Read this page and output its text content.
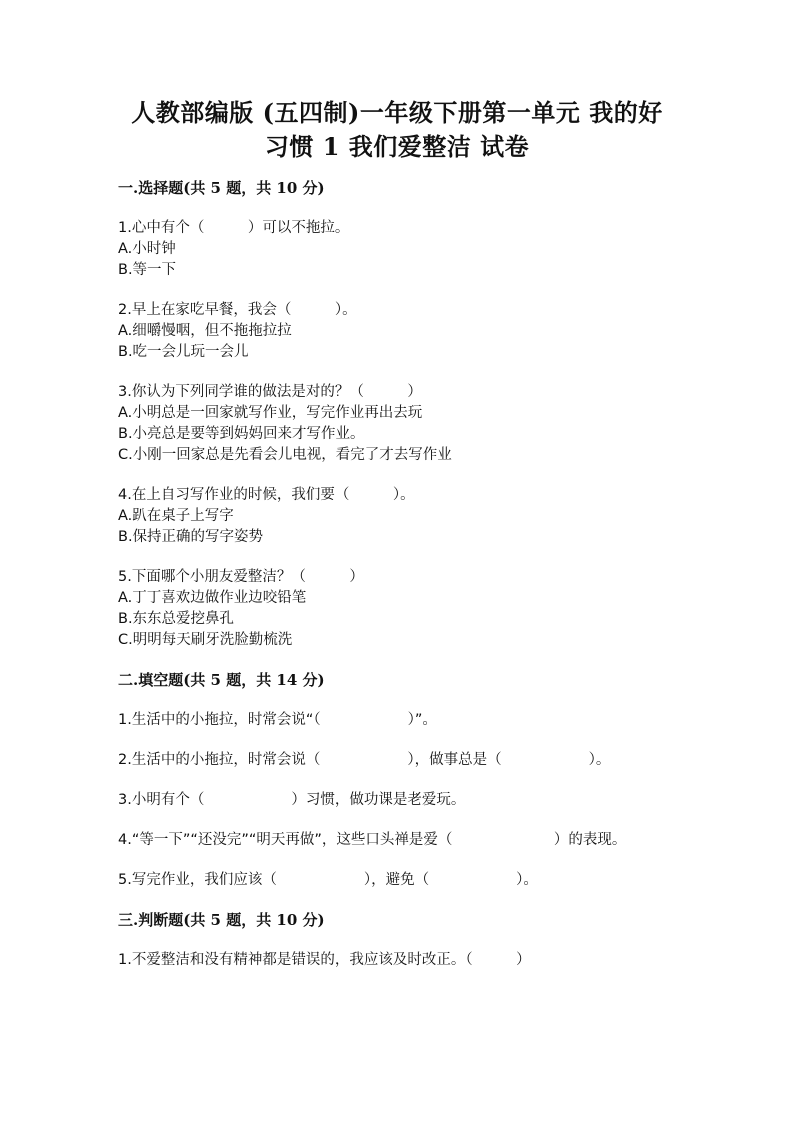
人教部编版 (五四制)一年级下册第一单元 我的好
习惯 1 我们爱整洁 试卷
一.选择题(共 5 题，共 10 分)
1.心中有个（　　　）可以不拖拉。
A.小时钟
B.等一下
2.早上在家吃早餐，我会（　　　）。
A.细嚼慢咽，但不拖拖拉拉
B.吃一会儿玩一会儿
3.你认为下列同学谁的做法是对的？（　　　）
A.小明总是一回家就写作业，写完作业再出去玩
B.小亮总是要等到妈妈回来才写作业。
C.小刚一回家总是先看会儿电视，看完了才去写作业
4.在上自习写作业的时候，我们要（　　　）。
A.趴在桌子上写字
B.保持正确的写字姿势
5.下面哪个小朋友爱整洁？（　　　）
A.丁丁喜欢边做作业边咬铅笔
B.东东总爱挖鼻孔
C.明明每天刷牙洗脸勤梳洗
二.填空题(共 5 题，共 14 分)
1.生活中的小拖拉，时常会说“（　　　　　　）”。
2.生活中的小拖拉，时常会说（　　　　　　），做事总是（　　　　　　）。
3.小明有个（　　　　　　）习惯，做功课是老爱玩。
4.“等一下”“还没完”“明天再做”，这些口头禅是爱（　　　　　　　）的表现。
5.写完作业，我们应该（　　　　　　），避免（　　　　　　）。
三.判断题(共 5 题，共 10 分)
1.不爱整洁和没有精神都是错误的，我应该及时改正。（　　　）
